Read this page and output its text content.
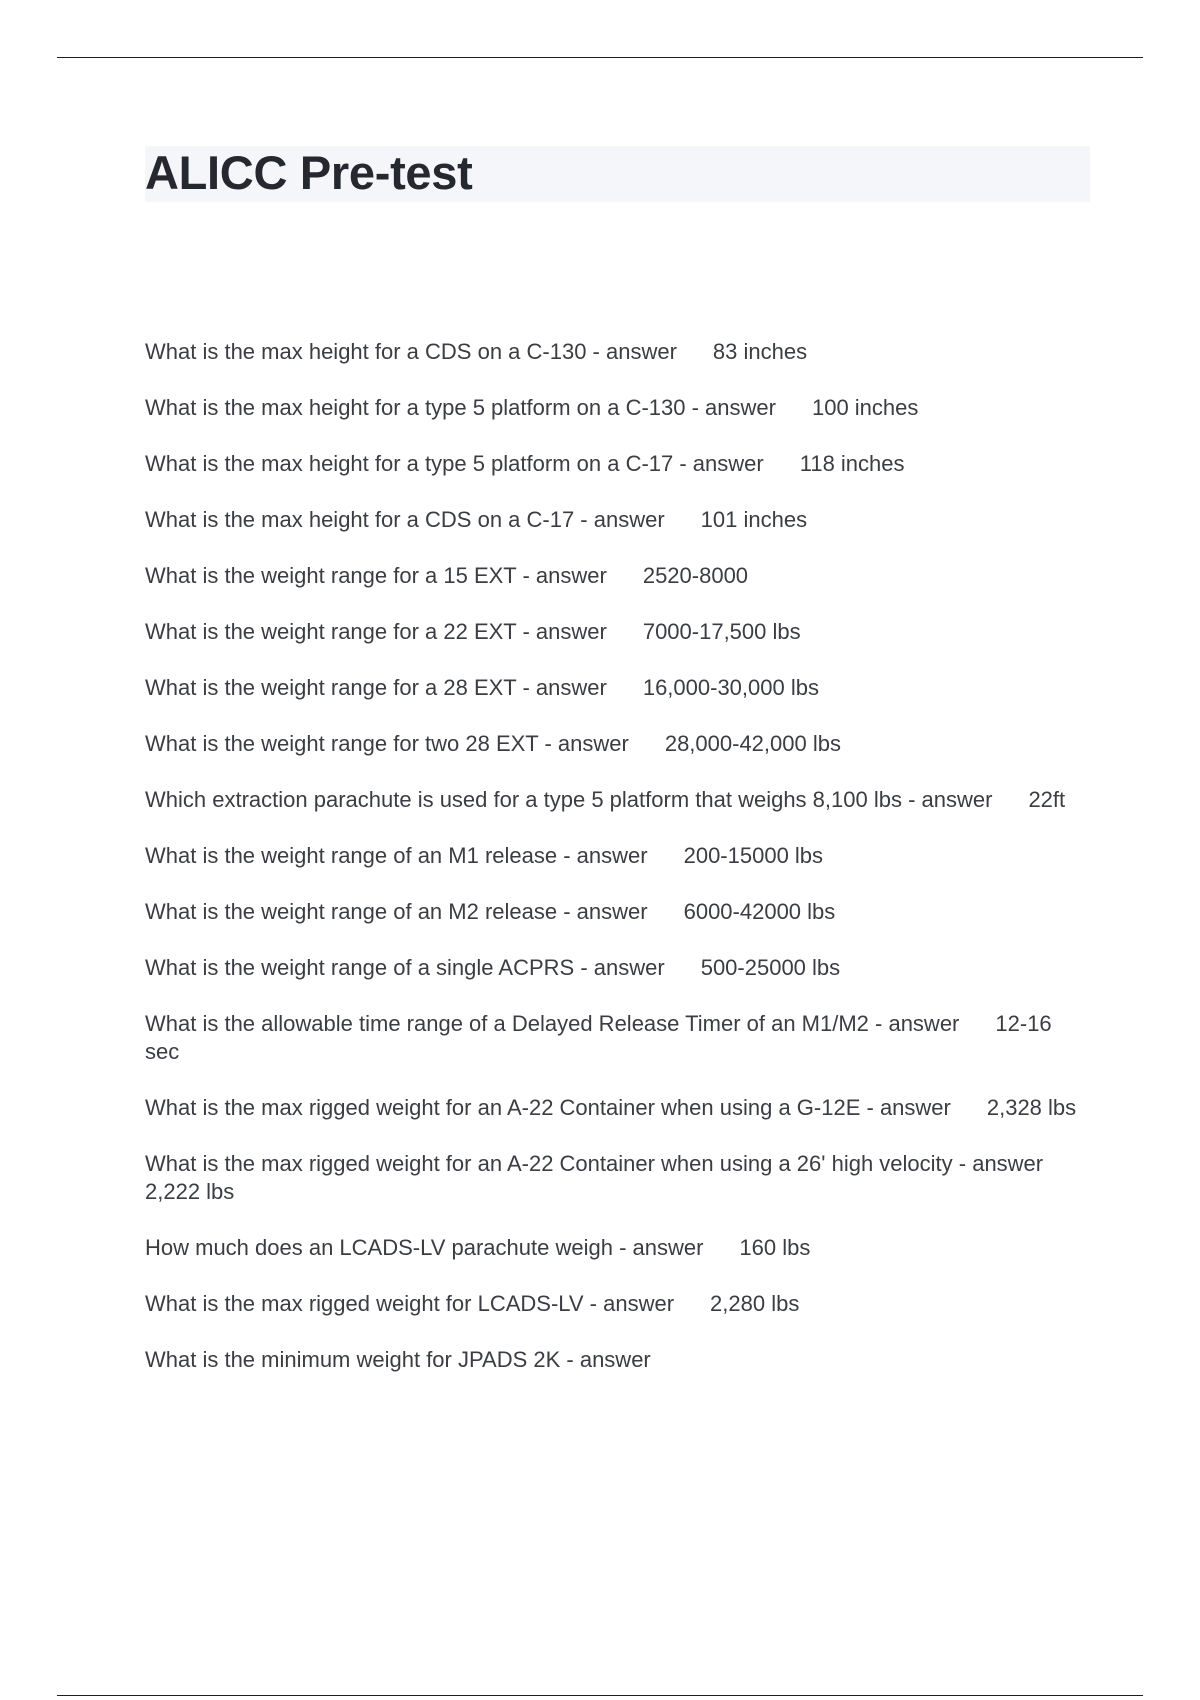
ALICC Pre-test
What is the max height for a CDS on a C-130 - answer 83 inches
What is the max height for a type 5 platform on a C-130 - answer 100 inches
What is the max height for a type 5 platform on a C-17 - answer 118 inches
What is the max height for a CDS on a C-17 - answer 101 inches
What is the weight range for a 15 EXT - answer 2520-8000
What is the weight range for a 22 EXT - answer 7000-17,500 lbs
What is the weight range for a 28 EXT - answer 16,000-30,000 lbs
What is the weight range for two 28 EXT - answer 28,000-42,000 lbs
Which extraction parachute is used for a type 5 platform that weighs 8,100 lbs - answer 22ft
What is the weight range of an M1 release - answer 200-15000 lbs
What is the weight range of an M2 release - answer 6000-42000 lbs
What is the weight range of a single ACPRS - answer 500-25000 lbs
What is the allowable time range of a Delayed Release Timer of an M1/M2 - answer 12-16 sec
What is the max rigged weight for an A-22 Container when using a G-12E - answer 2,328 lbs
What is the max rigged weight for an A-22 Container when using a 26' high velocity - answer2,222 lbs
How much does an LCADS-LV parachute weigh - answer 160 lbs
What is the max rigged weight for LCADS-LV - answer 2,280 lbs
What is the minimum weight for JPADS 2K - answer
